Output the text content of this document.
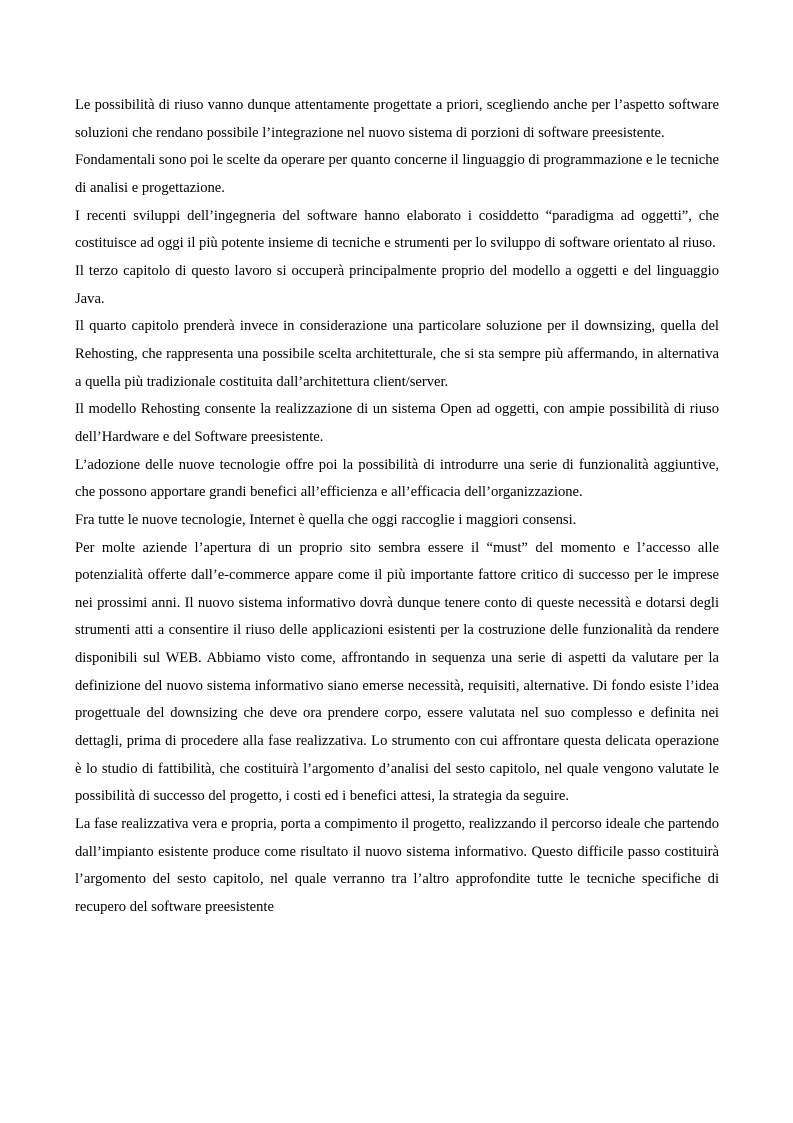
Le possibilità di riuso vanno dunque attentamente progettate a priori, scegliendo anche per l’aspetto software soluzioni che rendano possibile l’integrazione nel nuovo sistema di porzioni di software preesistente.

Fondamentali sono poi le scelte da operare per quanto concerne il linguaggio di programmazione e le tecniche di analisi e progettazione.

I recenti sviluppi dell’ingegneria del software hanno elaborato i cosiddetto “paradigma ad oggetti”, che costituisce ad oggi il più potente insieme di tecniche e strumenti per lo sviluppo di software orientato al riuso.

Il terzo capitolo di questo lavoro si occuperà principalmente proprio del modello a oggetti e del linguaggio Java.

Il quarto capitolo prenderà invece in considerazione una particolare soluzione per il downsizing, quella del Rehosting, che rappresenta una possibile scelta architetturale, che si sta sempre più affermando, in alternativa a quella più tradizionale costituita dall’architettura client/server.

Il modello Rehosting consente la realizzazione di un sistema Open ad oggetti, con ampie possibilità di riuso dell’Hardware e del Software preesistente.

L’adozione delle nuove tecnologie offre poi la possibilità di introdurre una serie di funzionalità aggiuntive, che possono apportare grandi benefici all’efficienza e all’efficacia dell’organizzazione.

Fra tutte le nuove tecnologie, Internet è quella che oggi raccoglie i maggiori consensi.

Per molte aziende l’apertura di un proprio sito sembra essere il “must” del momento e l’accesso alle potenzialità offerte dall’e-commerce appare come il più importante fattore critico di successo per le imprese nei prossimi anni. Il nuovo sistema informativo dovrà dunque tenere conto di queste necessità e dotarsi degli strumenti atti a consentire il riuso delle applicazioni esistenti per la costruzione delle funzionalità da rendere disponibili sul WEB. Abbiamo visto come, affrontando in sequenza una serie di aspetti da valutare per la definizione del nuovo sistema informativo siano emerse necessità, requisiti, alternative. Di fondo esiste l’idea progettuale del downsizing che deve ora prendere corpo, essere valutata nel suo complesso e definita nei dettagli, prima di procedere alla fase realizzativa. Lo strumento con cui affrontare questa delicata operazione è lo studio di fattibilità, che costituirà l’argomento d’analisi del sesto capitolo, nel quale vengono valutate le possibilità di successo del progetto, i costi ed i benefici attesi, la strategia da seguire.

La fase realizzativa vera e propria, porta a compimento il progetto, realizzando il percorso ideale che partendo dall’impianto esistente produce come risultato il nuovo sistema informativo. Questo difficile passo costituirà l’argomento del sesto capitolo, nel quale verranno tra l’altro approfondite tutte le tecniche specifiche di recupero del software preesistente
